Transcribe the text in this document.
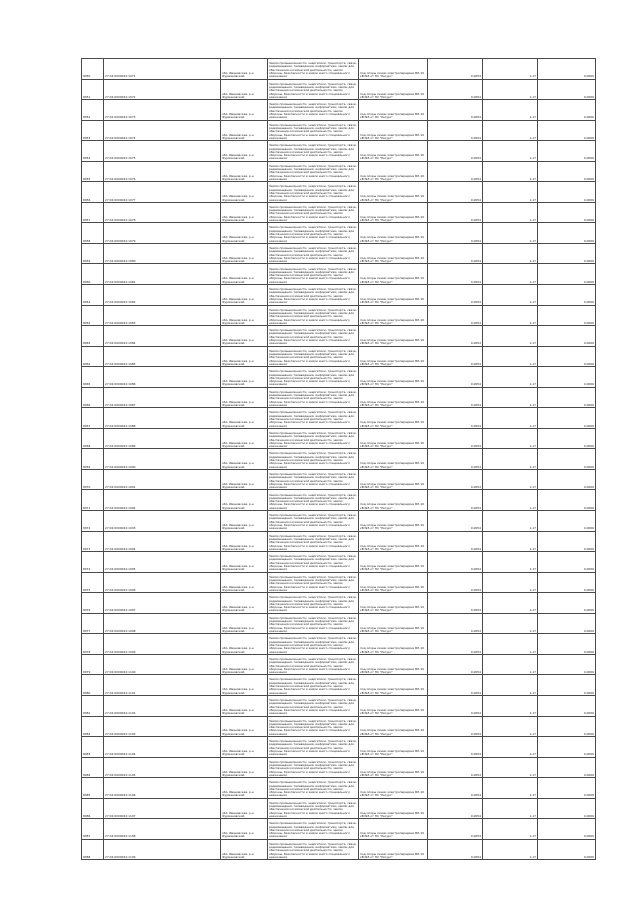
8050	27:02:0000022:1071	обл. Ивановская, р-н Фурмановский	Земли промышленности, энергетики, транспорта, связи, радиовещания, телевидения, информатики, земли для обеспечения космической деятельности, земли обороны, безопасности и земли иного специального назначения	под опоры линии электропередачи ВЛ-10 кВ №5 от ПС "Ресурс"	0,0054	1,17	0,0006
8051	27:02:0000022:1072	обл. Ивановская, р-н Фурмановский	Земли промышленности, энергетики, транспорта, связи, радиовещания, телевидения, информатики, земли для обеспечения космической деятельности, земли обороны, безопасности и земли иного специального назначения	под опоры линии электропередачи ВЛ-10 кВ №5 от ПС "Ресурс"	0,0054	1,17	0,0006
8052	27:02:0000022:1073	обл. Ивановская, р-н Фурмановский	Земли промышленности, энергетики, транспорта, связи, радиовещания, телевидения, информатики, земли для обеспечения космической деятельности, земли обороны, безопасности и земли иного специального назначения	под опоры линии электропередачи ВЛ-10 кВ №5 от ПС "Ресурс"	0,0054	1,17	0,0006
8053	27:02:0000022:1074	обл. Ивановская, р-н Фурмановский	Земли промышленности, энергетики, транспорта, связи, радиовещания, телевидения, информатики, земли для обеспечения космической деятельности, земли обороны, безопасности и земли иного специального назначения	под опоры линии электропередачи ВЛ-10 кВ №5 от ПС "Ресурс"	0,0054	1,17	0,0006
8054	27:02:0000022:1075	обл. Ивановская, р-н Фурмановский	Земли промышленности, энергетики, транспорта, связи, радиовещания, телевидения, информатики, земли для обеспечения космической деятельности, земли обороны, безопасности и земли иного специального назначения	под опоры линии электропередачи ВЛ-10 кВ №5 от ПС "Ресурс"	0,0054	1,17	0,0006
8055	27:02:0000022:1076	обл. Ивановская, р-н Фурмановский	Земли промышленности, энергетики, транспорта, связи, радиовещания, телевидения, информатики, земли для обеспечения космической деятельности, земли обороны, безопасности и земли иного специального назначения	под опоры линии электропередачи ВЛ-10 кВ №5 от ПС "Ресурс"	0,0054	1,17	0,0006
8056	27:02:0000022:1077	обл. Ивановская, р-н Фурмановский	Земли промышленности, энергетики, транспорта, связи, радиовещания, телевидения, информатики, земли для обеспечения космической деятельности, земли обороны, безопасности и земли иного специального назначения	под опоры линии электропередачи ВЛ-10 кВ №5 от ПС "Ресурс"	0,0054	1,17	0,0006
8057	27:02:0000022:1078	обл. Ивановская, р-н Фурмановский	Земли промышленности, энергетики, транспорта, связи, радиовещания, телевидения, информатики, земли для обеспечения космической деятельности, земли обороны, безопасности и земли иного специального назначения	под опоры линии электропередачи ВЛ-10 кВ №5 от ПС "Ресурс"	0,0054	1,17	0,0006
8058	27:02:0000022:1079	обл. Ивановская, р-н Фурмановский	Земли промышленности, энергетики, транспорта, связи, радиовещания, телевидения, информатики, земли для обеспечения космической деятельности, земли обороны, безопасности и земли иного специального назначения	под опоры линии электропередачи ВЛ-10 кВ №5 от ПС "Ресурс"	0,0054	1,17	0,0006
8059	27:02:0000022:1080	обл. Ивановская, р-н Фурмановский	Земли промышленности, энергетики, транспорта, связи, радиовещания, телевидения, информатики, земли для обеспечения космической деятельности, земли обороны, безопасности и земли иного специального назначения	под опоры линии электропередачи ВЛ-10 кВ №5 от ПС "Ресурс"	0,0054	1,17	0,0006
8060	27:02:0000022:1081	обл. Ивановская, р-н Фурмановский	Земли промышленности, энергетики, транспорта, связи, радиовещания, телевидения, информатики, земли для обеспечения космической деятельности, земли обороны, безопасности и земли иного специального назначения	под опоры линии электропередачи ВЛ-10 кВ №5 от ПС "Ресурс"	0,0054	1,17	0,0006
8061	27:02:0000022:1082	обл. Ивановская, р-н Фурмановский	Земли промышленности, энергетики, транспорта, связи, радиовещания, телевидения, информатики, земли для обеспечения космической деятельности, земли обороны, безопасности и земли иного специального назначения	под опоры линии электропередачи ВЛ-10 кВ №5 от ПС "Ресурс"	0,0054	1,17	0,0006
8062	27:02:0000022:1083	обл. Ивановская, р-н Фурмановский	Земли промышленности, энергетики, транспорта, связи, радиовещания, телевидения, информатики, земли для обеспечения космической деятельности, земли обороны, безопасности и земли иного специального назначения	под опоры линии электропередачи ВЛ-10 кВ №5 от ПС "Ресурс"	0,0054	1,17	0,0006
8063	27:02:0000022:1084	обл. Ивановская, р-н Фурмановский	Земли промышленности, энергетики, транспорта, связи, радиовещания, телевидения, информатики, земли для обеспечения космической деятельности, земли обороны, безопасности и земли иного специального назначения	под опоры линии электропередачи ВЛ-10 кВ №5 от ПС "Ресурс"	0,0054	1,17	0,0006
8064	27:02:0000022:1085	обл. Ивановская, р-н Фурмановский	Земли промышленности, энергетики, транспорта, связи, радиовещания, телевидения, информатики, земли для обеспечения космической деятельности, земли обороны, безопасности и земли иного специального назначения	под опоры линии электропередачи ВЛ-10 кВ №5 от ПС "Ресурс"	0,0054	1,17	0,0006
8065	27:02:0000022:1086	обл. Ивановская, р-н Фурмановский	Земли промышленности, энергетики, транспорта, связи, радиовещания, телевидения, информатики, земли для обеспечения космической деятельности, земли обороны, безопасности и земли иного специального назначения	под опоры линии электропередачи ВЛ-10 кВ №5 от ПС "Ресурс"	0,0054	1,17	0,0006
8066	27:02:0000022:1087	обл. Ивановская, р-н Фурмановский	Земли промышленности, энергетики, транспорта, связи, радиовещания, телевидения, информатики, земли для обеспечения космической деятельности, земли обороны, безопасности и земли иного специального назначения	под опоры линии электропередачи ВЛ-10 кВ №5 от ПС "Ресурс"	0,0054	1,17	0,0006
8067	27:02:0000022:1088	обл. Ивановская, р-н Фурмановский	Земли промышленности, энергетики, транспорта, связи, радиовещания, телевидения, информатики, земли для обеспечения космической деятельности, земли обороны, безопасности и земли иного специального назначения	под опоры линии электропередачи ВЛ-10 кВ №5 от ПС "Ресурс"	0,0054	1,17	0,0006
8068	27:02:0000022:1089	обл. Ивановская, р-н Фурмановский	Земли промышленности, энергетики, транспорта, связи, радиовещания, телевидения, информатики, земли для обеспечения космической деятельности, земли обороны, безопасности и земли иного специального назначения	под опоры линии электропередачи ВЛ-10 кВ №5 от ПС "Ресурс"	0,0054	1,17	0,0006
8069	27:02:0000022:1090	обл. Ивановская, р-н Фурмановский	Земли промышленности, энергетики, транспорта, связи, радиовещания, телевидения, информатики, земли для обеспечения космической деятельности, земли обороны, безопасности и земли иного специального назначения	под опоры линии электропередачи ВЛ-10 кВ №5 от ПС "Ресурс"	0,0054	1,17	0,0006
8070	27:02:0000022:1091	обл. Ивановская, р-н Фурмановский	Земли промышленности, энергетики, транспорта, связи, радиовещания, телевидения, информатики, земли для обеспечения космической деятельности, земли обороны, безопасности и земли иного специального назначения	под опоры линии электропередачи ВЛ-10 кВ №5 от ПС "Ресурс"	0,0054	1,17	0,0006
8071	27:02:0000022:1092	обл. Ивановская, р-н Фурмановский	Земли промышленности, энергетики, транспорта, связи, радиовещания, телевидения, информатики, земли для обеспечения космической деятельности, земли обороны, безопасности и земли иного специального назначения	под опоры линии электропередачи ВЛ-10 кВ №5 от ПС "Ресурс"	0,0054	1,17	0,0006
8072	27:02:0000022:1093	обл. Ивановская, р-н Фурмановский	Земли промышленности, энергетики, транспорта, связи, радиовещания, телевидения, информатики, земли для обеспечения космической деятельности, земли обороны, безопасности и земли иного специального назначения	под опоры линии электропередачи ВЛ-10 кВ №5 от ПС "Ресурс"	0,0054	1,17	0,0006
8073	27:02:0000022:1094	обл. Ивановская, р-н Фурмановский	Земли промышленности, энергетики, транспорта, связи, радиовещания, телевидения, информатики, земли для обеспечения космической деятельности, земли обороны, безопасности и земли иного специального назначения	под опоры линии электропередачи ВЛ-10 кВ №5 от ПС "Ресурс"	0,0054	1,17	0,0006
8074	27:02:0000022:1095	обл. Ивановская, р-н Фурмановский	Земли промышленности, энергетики, транспорта, связи, радиовещания, телевидения, информатики, земли для обеспечения космической деятельности, земли обороны, безопасности и земли иного специального назначения	под опоры линии электропередачи ВЛ-10 кВ №5 от ПС "Ресурс"	0,0054	1,17	0,0006
8075	27:02:0000022:1096	обл. Ивановская, р-н Фурмановский	Земли промышленности, энергетики, транспорта, связи, радиовещания, телевидения, информатики, земли для обеспечения космической деятельности, земли обороны, безопасности и земли иного специального назначения	под опоры линии электропередачи ВЛ-10 кВ №5 от ПС "Ресурс"	0,0054	1,17	0,0006
8076	27:02:0000022:1097	обл. Ивановская, р-н Фурмановский	Земли промышленности, энергетики, транспорта, связи, радиовещания, телевидения, информатики, земли для обеспечения космической деятельности, земли обороны, безопасности и земли иного специального назначения	под опоры линии электропередачи ВЛ-10 кВ №5 от ПС "Ресурс"	0,0054	1,17	0,0006
8077	27:02:0000022:1098	обл. Ивановская, р-н Фурмановский	Земли промышленности, энергетики, транспорта, связи, радиовещания, телевидения, информатики, земли для обеспечения космической деятельности, земли обороны, безопасности и земли иного специального назначения	под опоры линии электропередачи ВЛ-10 кВ №5 от ПС "Ресурс"	0,0054	1,17	0,0006
8078	27:02:0000022:1099	обл. Ивановская, р-н Фурмановский	Земли промышленности, энергетики, транспорта, связи, радиовещания, телевидения, информатики, земли для обеспечения космической деятельности, земли обороны, безопасности и земли иного специального назначения	под опоры линии электропередачи ВЛ-10 кВ №5 от ПС "Ресурс"	0,0054	1,17	0,0006
8079	27:02:0000022:1100	обл. Ивановская, р-н Фурмановский	Земли промышленности, энергетики, транспорта, связи, радиовещания, телевидения, информатики, земли для обеспечения космической деятельности, земли обороны, безопасности и земли иного специального назначения	под опоры линии электропередачи ВЛ-10 кВ №5 от ПС "Ресурс"	0,0054	1,17	0,0006
8080	27:02:0000022:1101	обл. Ивановская, р-н Фурмановский	Земли промышленности, энергетики, транспорта, связи, радиовещания, телевидения, информатики, земли для обеспечения космической деятельности, земли обороны, безопасности и земли иного специального назначения	под опоры линии электропередачи ВЛ-10 кВ №5 от ПС "Ресурс"	0,0054	1,17	0,0006
8081	27:02:0000022:1102	обл. Ивановская, р-н Фурмановский	Земли промышленности, энергетики, транспорта, связи, радиовещания, телевидения, информатики, земли для обеспечения космической деятельности, земли обороны, безопасности и земли иного специального назначения	под опоры линии электропередачи ВЛ-10 кВ №5 от ПС "Ресурс"	0,0054	1,17	0,0006
8082	27:02:0000022:1103	обл. Ивановская, р-н Фурмановский	Земли промышленности, энергетики, транспорта, связи, радиовещания, телевидения, информатики, земли для обеспечения космической деятельности, земли обороны, безопасности и земли иного специального назначения	под опоры линии электропередачи ВЛ-10 кВ №5 от ПС "Ресурс"	0,0054	1,17	0,0006
8083	27:02:0000022:1104	обл. Ивановская, р-н Фурмановский	Земли промышленности, энергетики, транспорта, связи, радиовещания, телевидения, информатики, земли для обеспечения космической деятельности, земли обороны, безопасности и земли иного специального назначения	под опоры линии электропередачи ВЛ-10 кВ №5 от ПС "Ресурс"	0,0054	1,17	0,0006
8084	27:02:0000022:1105	обл. Ивановская, р-н Фурмановский	Земли промышленности, энергетики, транспорта, связи, радиовещания, телевидения, информатики, земли для обеспечения космической деятельности, земли обороны, безопасности и земли иного специального назначения	под опоры линии электропередачи ВЛ-10 кВ №5 от ПС "Ресурс"	0,0054	1,17	0,0006
8085	27:02:0000022:1106	обл. Ивановская, р-н Фурмановский	Земли промышленности, энергетики, транспорта, связи, радиовещания, телевидения, информатики, земли для обеспечения космической деятельности, земли обороны, безопасности и земли иного специального назначения	под опоры линии электропередачи ВЛ-10 кВ №5 от ПС "Ресурс"	0,0054	1,17	0,0006
8086	27:02:0000022:1107	обл. Ивановская, р-н Фурмановский	Земли промышленности, энергетики, транспорта, связи, радиовещания, телевидения, информатики, земли для обеспечения космической деятельности, земли обороны, безопасности и земли иного специального назначения	под опоры линии электропередачи ВЛ-10 кВ №5 от ПС "Ресурс"	0,0054	1,17	0,0006
8087	27:02:0000022:1108	обл. Ивановская, р-н Фурмановский	Земли промышленности, энергетики, транспорта, связи, радиовещания, телевидения, информатики, земли для обеспечения космической деятельности, земли обороны, безопасности и земли иного специального назначения	под опоры линии электропередачи ВЛ-10 кВ №5 от ПС "Ресурс"	0,0054	1,17	0,0006
8088	27:02:0000022:1109	обл. Ивановская, р-н Фурмановский	Земли промышленности, энергетики, транспорта, связи, радиовещания, телевидения, информатики, земли для обеспечения космической деятельности, земли обороны, безопасности и земли иного специального назначения	под опоры линии электропередачи ВЛ-10 кВ №5 от ПС "Ресурс"	0,0054	1,17	0,0006
